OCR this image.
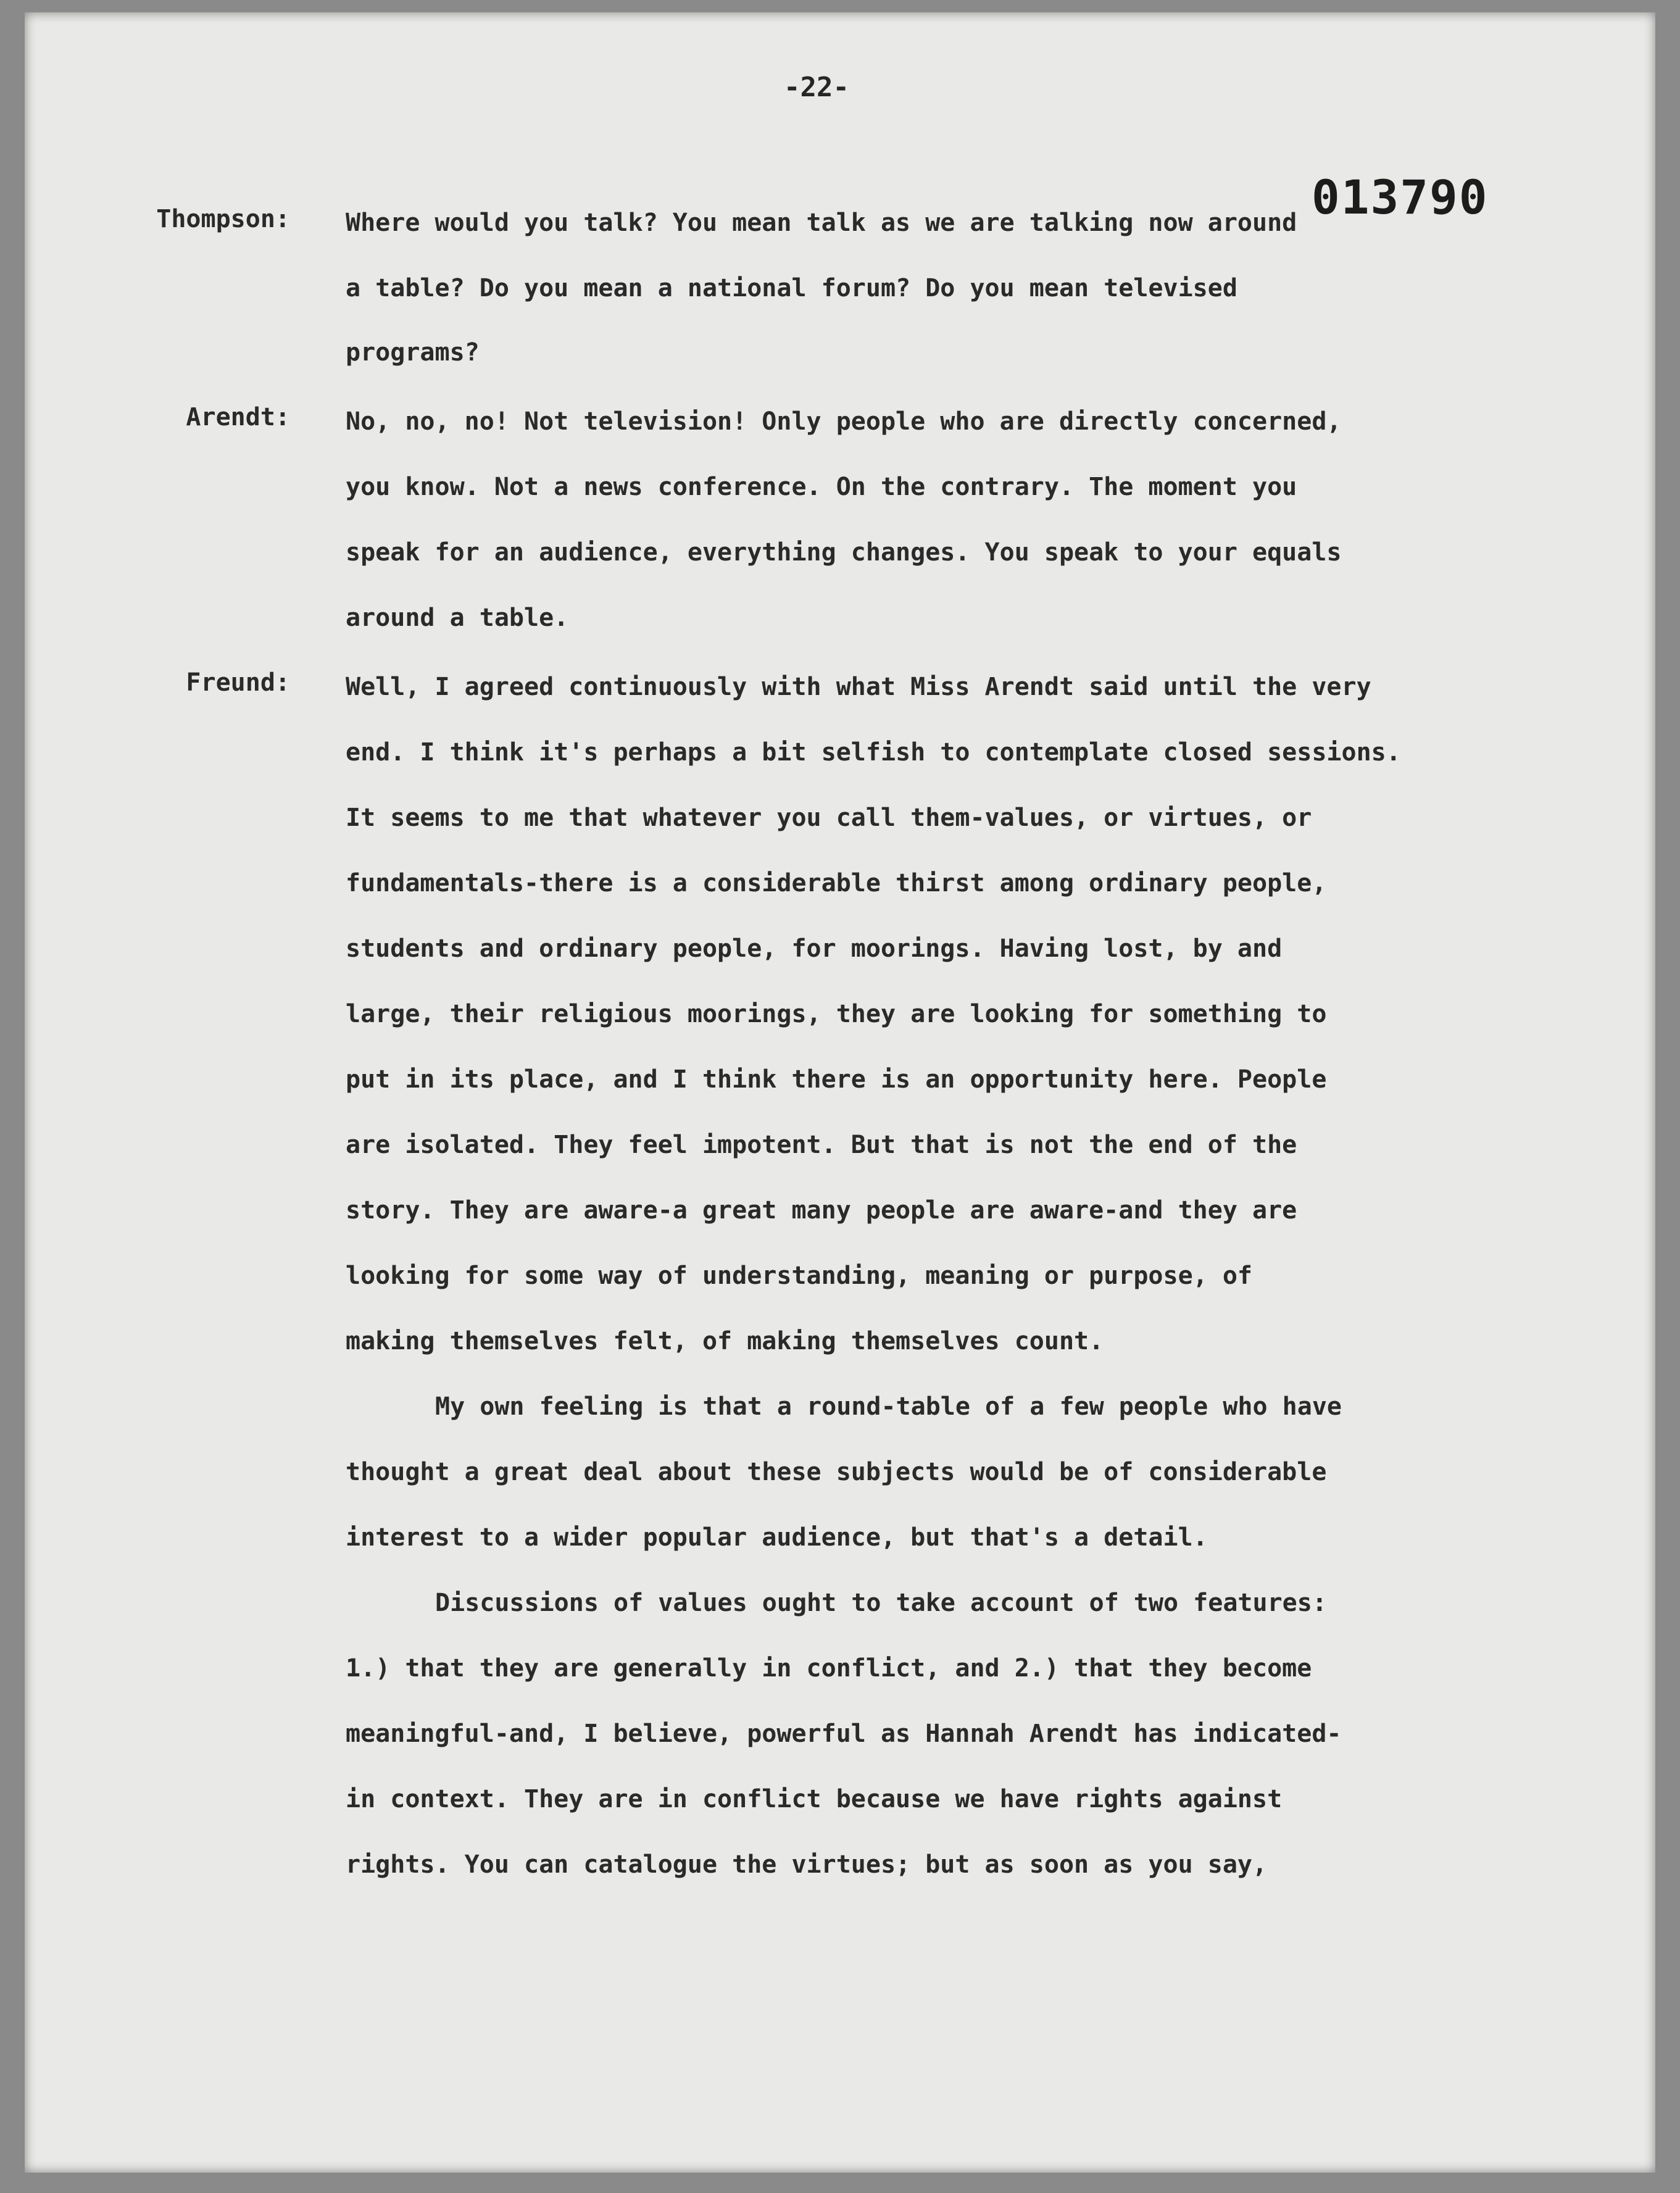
-22-
013790
Thompson:
Arendt:
Freund:
Where would you talk? You mean talk as we are talking now around
a table? Do you mean a national forum? Do you mean televised
programs?
No, no, no! Not television! Only people who are directly concerned,
you know. Not a news conference. On the contrary. The moment you
speak for an audience, everything changes. You speak to your equals
around a table.
Well, I agreed continuously with what Miss Arendt said until the very
end. I think it's perhaps a bit selfish to contemplate closed sessions.
It seems to me that whatever you call them-values, or virtues, or
fundamentals-there is a considerable thirst among ordinary people,
students and ordinary people, for moorings. Having lost, by and
large, their religious moorings, they are looking for something to
put in its place, and I think there is an opportunity here. People
are isolated. They feel impotent. But that is not the end of the
story. They are aware-a great many people are aware-and they are
looking for some way of understanding, meaning or purpose, of
making themselves felt, of making themselves count.
My own feeling is that a round-table of a few people who have
thought a great deal about these subjects would be of considerable
interest to a wider popular audience, but that's a detail.
Discussions of values ought to take account of two features:
1.) that they are generally in conflict, and 2.) that they become
meaningful-and, I believe, powerful as Hannah Arendt has indicated-
in context. They are in conflict because we have rights against
rights. You can catalogue the virtues; but as soon as you say,
